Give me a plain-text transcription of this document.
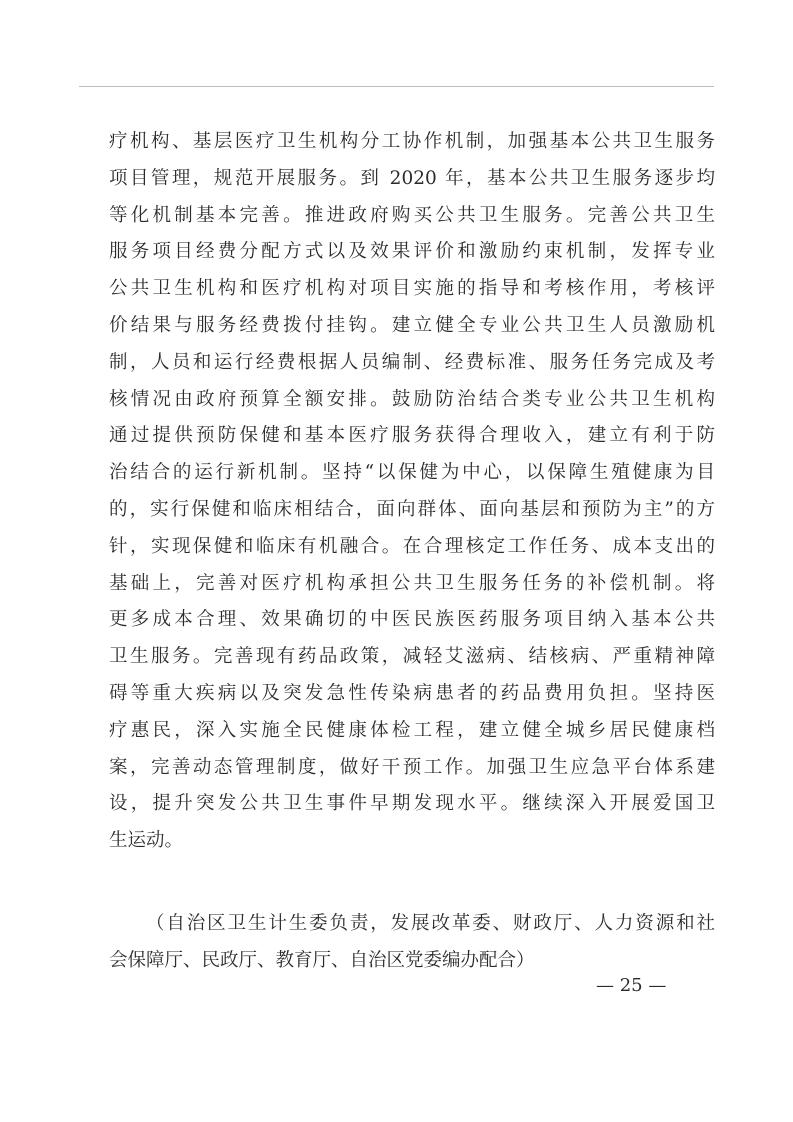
疗机构、基层医疗卫生机构分工协作机制，加强基本公共卫生服务
项目管理，规范开展服务。到 2020 年，基本公共卫生服务逐步均
等化机制基本完善。推进政府购买公共卫生服务。完善公共卫生
服务项目经费分配方式以及效果评价和激励约束机制，发挥专业
公共卫生机构和医疗机构对项目实施的指导和考核作用，考核评
价结果与服务经费拨付挂钩。建立健全专业公共卫生人员激励机
制，人员和运行经费根据人员编制、经费标准、服务任务完成及考
核情况由政府预算全额安排。鼓励防治结合类专业公共卫生机构
通过提供预防保健和基本医疗服务获得合理收入，建立有利于防
治结合的运行新机制。坚持“以保健为中心，以保障生殖健康为目
的，实行保健和临床相结合，面向群体、面向基层和预防为主”的方
针，实现保健和临床有机融合。在合理核定工作任务、成本支出的
基础上，完善对医疗机构承担公共卫生服务任务的补偿机制。将
更多成本合理、效果确切的中医民族医药服务项目纳入基本公共
卫生服务。完善现有药品政策，减轻艾滋病、结核病、严重精神障
碍等重大疾病以及突发急性传染病患者的药品费用负担。坚持医
疗惠民，深入实施全民健康体检工程，建立健全城乡居民健康档
案，完善动态管理制度，做好干预工作。加强卫生应急平台体系建
设，提升突发公共卫生事件早期发现水平。继续深入开展爱国卫
生运动。
（自治区卫生计生委负责，发展改革委、财政厅、人力资源和社
会保障厅、民政厅、教育厅、自治区党委编办配合）
— 25 —
